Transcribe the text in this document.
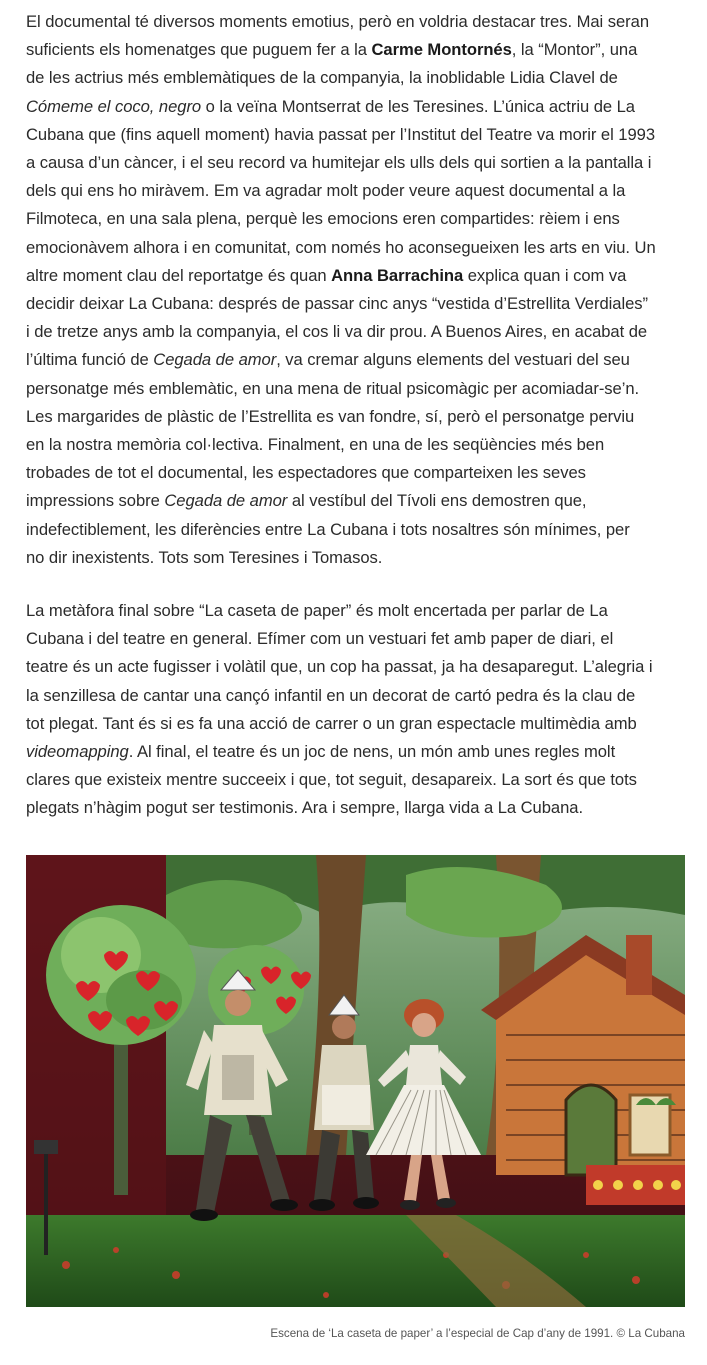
El documental té diversos moments emotius, però en voldria destacar tres. Mai seran
suficients els homenatges que puguem fer a la Carme Montornés, la “Montor”, una
de les actrius més emblemàtiques de la companyia, la inoblidable Lidia Clavel de
Cómeme el coco, negro o la veïna Montserrat de les Teresines. L’única actriu de La
Cubana que (fins aquell moment) havia passat per l’Institut del Teatre va morir el 1993
a causa d’un càncer, i el seu record va humitejar els ulls dels qui sortien a la pantalla i
dels qui ens ho miràvem. Em va agradar molt poder veure aquest documental a la
Filmoteca, en una sala plena, perquè les emocions eren compartides: rèiem i ens
emocionàvem alhora i en comunitat, com només ho aconsegueixen les arts en viu. Un
altre moment clau del reportatge és quan Anna Barrachina explica quan i com va
decidir deixar La Cubana: després de passar cinc anys “vestida d’Estrellita Verdiales”
i de tretze anys amb la companyia, el cos li va dir prou. A Buenos Aires, en acabat de
l’última funció de Cegada de amor, va cremar alguns elements del vestuari del seu
personatge més emblemàtic, en una mena de ritual psicomàgic per acomiadar-se’n.
Les margarides de plàstic de l’Estrellita es van fondre, sí, però el personatge perviu
en la nostra memòria col·lectiva. Finalment, en una de les seqüències més ben
trobades de tot el documental, les espectadores que comparteixen les seves
impressions sobre Cegada de amor al vestíbul del Tívoli ens demostren que,
indefectiblement, les diferències entre La Cubana i tots nosaltres són mínimes, per
no dir inexistents. Tots som Teresines i Tomasos.

La metàfora final sobre “La caseta de paper” és molt encertada per parlar de La
Cubana i del teatre en general. Efímer com un vestuari fet amb paper de diari, el
teatre és un acte fugisser i volàtil que, un cop ha passat, ja ha desaparegut. L’alegria i
la senzillesa de cantar una cançó infantil en un decorat de cartó pedra és la clau de
tot plegat. Tant és si es fa una acció de carrer o un gran espectacle multimèdia amb
videomapping. Al final, el teatre és un joc de nens, un món amb unes regles molt
clares que existeix mentre succeeix i que, tot seguit, desapareix. La sort és que tots
plegats n’hàgim pogut ser testimonis. Ara i sempre, llarga vida a La Cubana.

Escena de ‘La caseta de paper’ a l’especial de Cap d’any de 1991. © La Cubana
